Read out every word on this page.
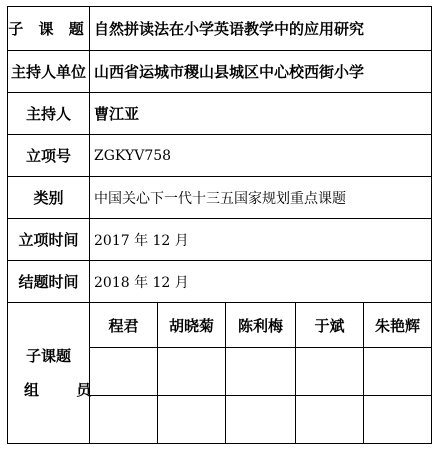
子 课 题	自然拼读法在小学英语教学中的应用研究				
主持人单位	山西省运城市稷山县城区中心校西街小学				
主持人	曹江亚				
立项号	ZGKYV758				
类别	中国关心下一代十三五国家规划重点课题				
立项时间	2017 年 12 月				
结题时间	2018 年 12 月				

子课题
组 员	程君	胡晓菊	陈利梅	于斌	朱艳辉
